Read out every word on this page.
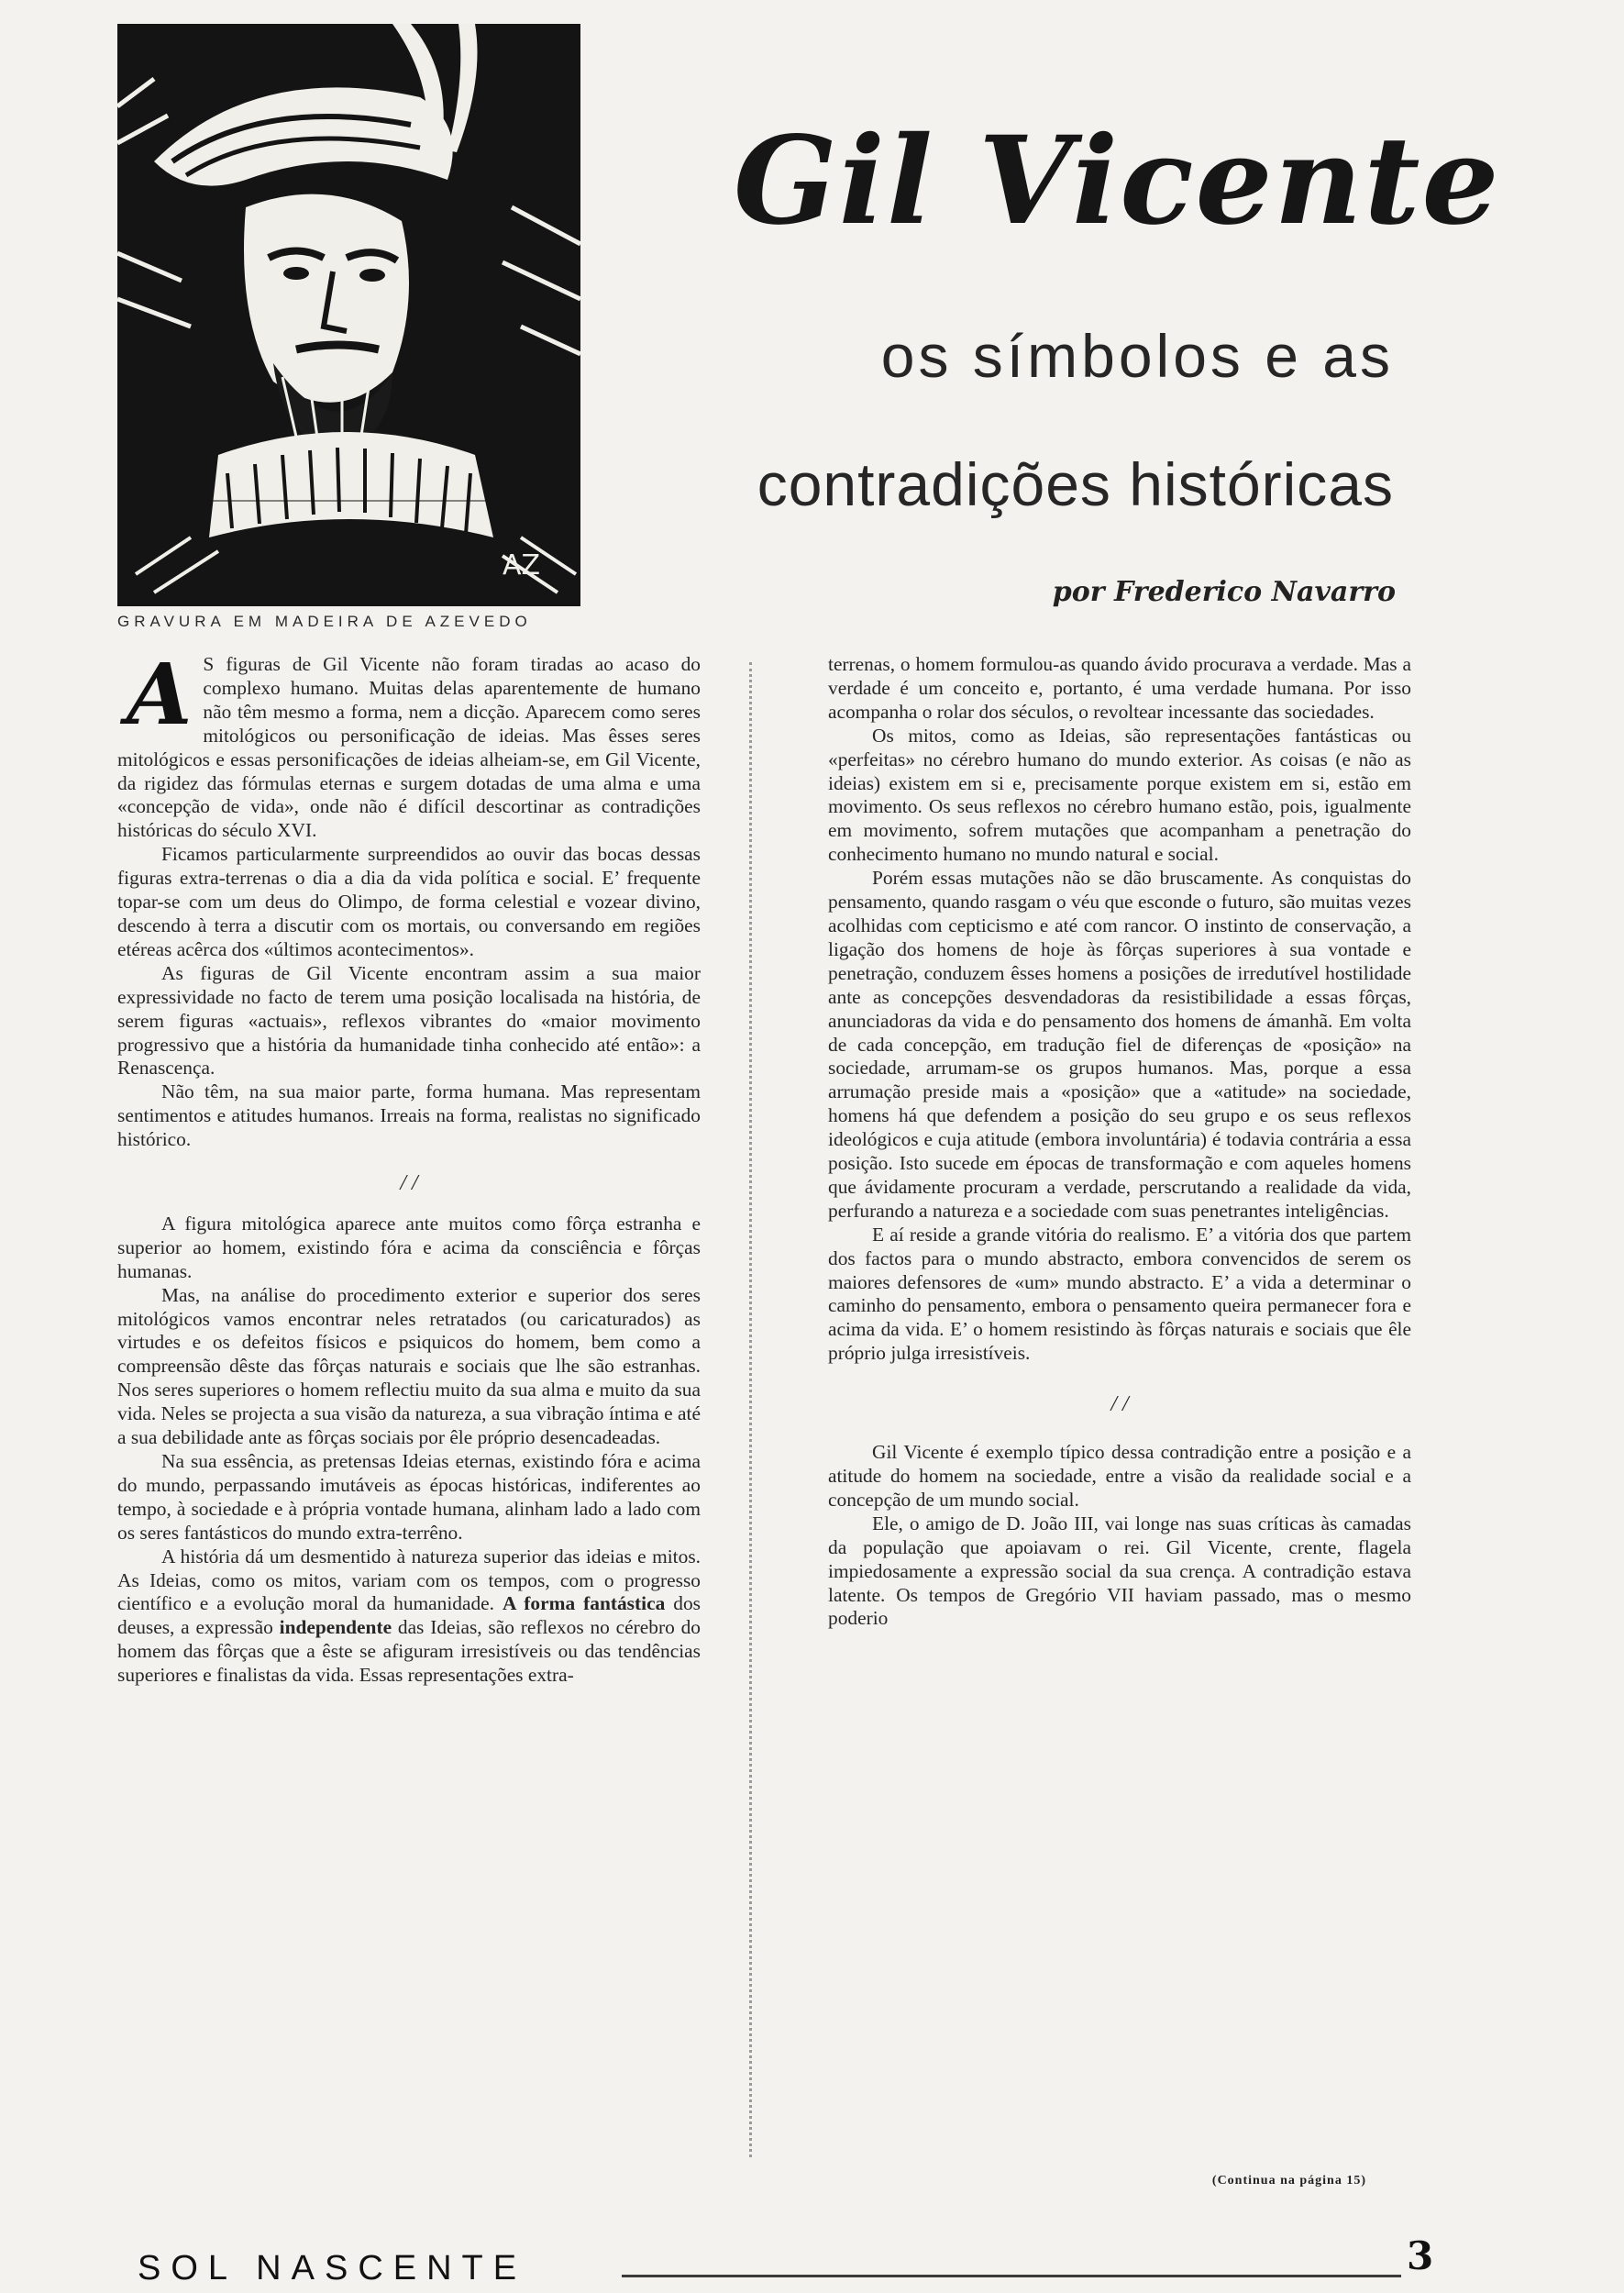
AZ
GRAVURA EM MADEIRA DE AZEVEDO
Gil Vicente
os símbolos e as
contradições históricas
por Frederico Navarro

A S figuras de Gil Vicente não foram tiradas ao acaso do complexo humano. Muitas delas aparentemente de humano não têm mesmo a forma, nem a dicção. Aparecem como seres mitológicos ou personificação de ideias. Mas êsses seres mitológicos e essas personificações de ideias alheiam-se, em Gil Vicente, da rigidez das fórmulas eternas e surgem dotadas de uma alma e uma «concepção de vida», onde não é difícil descortinar as contradições históricas do século XVI.

Ficamos particularmente surpreendidos ao ouvir das bocas dessas figuras extra-terrenas o dia a dia da vida política e social. E’ frequente topar-se com um deus do Olimpo, de forma celestial e vozear divino, descendo à terra a discutir com os mortais, ou conversando em regiões etéreas acêrca dos «últimos acontecimentos».

As figuras de Gil Vicente encontram assim a sua maior expressividade no facto de terem uma posição localisada na história, de serem figuras «actuais», reflexos vibrantes do «maior movimento progressivo que a história da humanidade tinha conhecido até então»: a Renascença.

Não têm, na sua maior parte, forma humana. Mas representam sentimentos e atitudes humanos. Irreais na forma, realistas no significado histórico.

/ /

A figura mitológica aparece ante muitos como fôrça estranha e superior ao homem, existindo fóra e acima da consciência e fôrças humanas.

Mas, na análise do procedimento exterior e superior dos seres mitológicos vamos encontrar neles retratados (ou caricaturados) as virtudes e os defeitos físicos e psiquicos do homem, bem como a compreensão dêste das fôrças naturais e sociais que lhe são estranhas. Nos seres superiores o homem reflectiu muito da sua alma e muito da sua vida. Neles se projecta a sua visão da natureza, a sua vibração íntima e até a sua debilidade ante as fôrças sociais por êle próprio desencadeadas.

Na sua essência, as pretensas Ideias eternas, existindo fóra e acima do mundo, perpassando imutáveis as épocas históricas, indiferentes ao tempo, à sociedade e à própria vontade humana, alinham lado a lado com os seres fantásticos do mundo extra-terrêno.

A história dá um desmentido à natureza superior das ideias e mitos. As Ideias, como os mitos, variam com os tempos, com o progresso científico e a evolução moral da humanidade. A forma fantástica dos deuses, a expressão independente das Ideias, são reflexos no cérebro do homem das fôrças que a êste se afiguram irresistíveis ou das tendências superiores e finalistas da vida. Essas representações extra-

terrenas, o homem formulou-as quando ávido procurava a verdade. Mas a verdade é um conceito e, portanto, é uma verdade humana. Por isso acompanha o rolar dos séculos, o revoltear incessante das sociedades.

Os mitos, como as Ideias, são representações fantásticas ou «perfeitas» no cérebro humano do mundo exterior. As coisas (e não as ideias) existem em si e, precisamente porque existem em si, estão em movimento. Os seus reflexos no cérebro humano estão, pois, igualmente em movimento, sofrem mutações que acompanham a penetração do conhecimento humano no mundo natural e social.

Porém essas mutações não se dão bruscamente. As conquistas do pensamento, quando rasgam o véu que esconde o futuro, são muitas vezes acolhidas com cepticismo e até com rancor. O instinto de conservação, a ligação dos homens de hoje às fôrças superiores à sua vontade e penetração, conduzem êsses homens a posições de irredutível hostilidade ante as concepções desvendadoras da resistibilidade a essas fôrças, anunciadoras da vida e do pensamento dos homens de ámanhã. Em volta de cada concepção, em tradução fiel de diferenças de «posição» na sociedade, arrumam-se os grupos humanos. Mas, porque a essa arrumação preside mais a «posição» que a «atitude» na sociedade, homens há que defendem a posição do seu grupo e os seus reflexos ideológicos e cuja atitude (embora involuntária) é todavia contrária a essa posição. Isto sucede em épocas de transformação e com aqueles homens que ávidamente procuram a verdade, perscrutando a realidade da vida, perfurando a natureza e a sociedade com suas penetrantes inteligências.

E aí reside a grande vitória do realismo. E’ a vitória dos que partem dos factos para o mundo abstracto, embora convencidos de serem os maiores defensores de «um» mundo abstracto. E’ a vida a determinar o caminho do pensamento, embora o pensamento queira permanecer fora e acima da vida. E’ o homem resistindo às fôrças naturais e sociais que êle próprio julga irresistíveis.

/ /

Gil Vicente é exemplo típico dessa contradição entre a posição e a atitude do homem na sociedade, entre a visão da realidade social e a concepção de um mundo social.

Ele, o amigo de D. João III, vai longe nas suas críticas às camadas da população que apoiavam o rei. Gil Vicente, crente, flagela impiedosamente a expressão social da sua crença. A contradição estava latente. Os tempos de Gregório VII haviam passado, mas o mesmo poderio

(Continua na página 15)
SOL NASCENTE	3
